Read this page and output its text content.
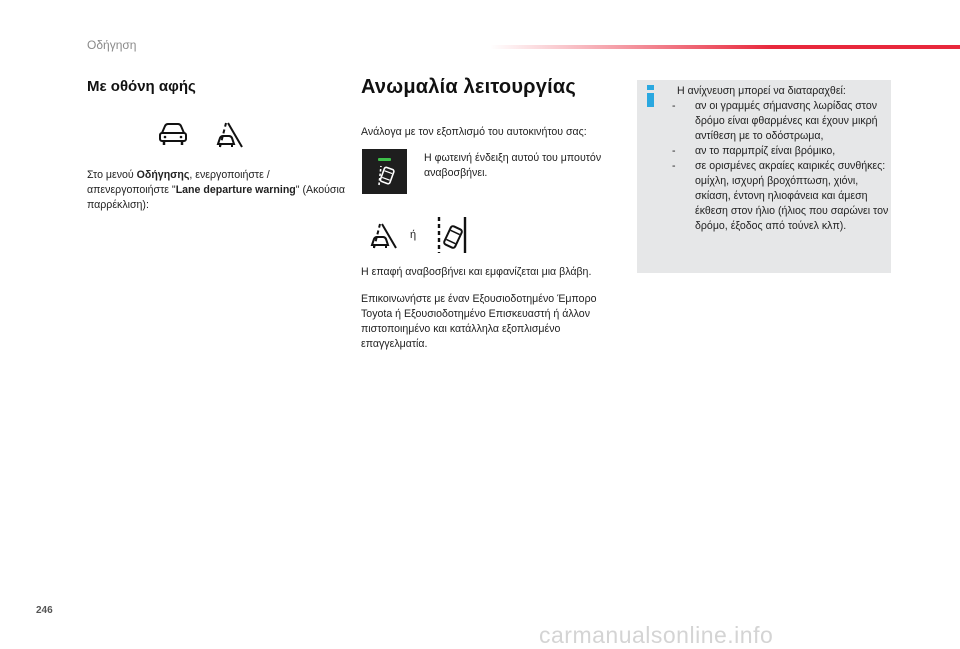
Οδήγηση
Με οθόνη αφής
Στο μενού Οδήγησης, ενεργοποιήστε / απενεργοποιήστε "Lane departure warning" (Ακούσια παρρέκλιση):
Ανωμαλία λειτουργίας
Ανάλογα με τον εξοπλισμό του αυτοκινήτου σας:
Η φωτεινή ένδειξη αυτού του μπουτόν αναβοσβήνει.
ή
Η επαφή αναβοσβήνει και εμφανίζεται μια βλάβη.
Επικοινωνήστε με έναν Εξουσιοδοτημένο Έμπορο Toyota ή Εξουσιοδοτημένο Επισκευαστή ή άλλον πιστοποιημένο και κατάλληλα εξοπλισμένο επαγγελματία.
Η ανίχνευση μπορεί να διαταραχθεί:
- αν οι γραμμές σήμανσης λωρίδας στον δρόμο είναι φθαρμένες και έχουν μικρή αντίθεση με το οδόστρωμα,
- αν το παρμπρίζ είναι βρόμικο,
- σε ορισμένες ακραίες καιρικές συνθήκες: ομίχλη, ισχυρή βροχόπτωση, χιόνι, σκίαση, έντονη ηλιοφάνεια και άμεση έκθεση στον ήλιο (ήλιος που σαρώνει τον δρόμο, έξοδος από τούνελ κλπ).
246
carmanualsonline.info
